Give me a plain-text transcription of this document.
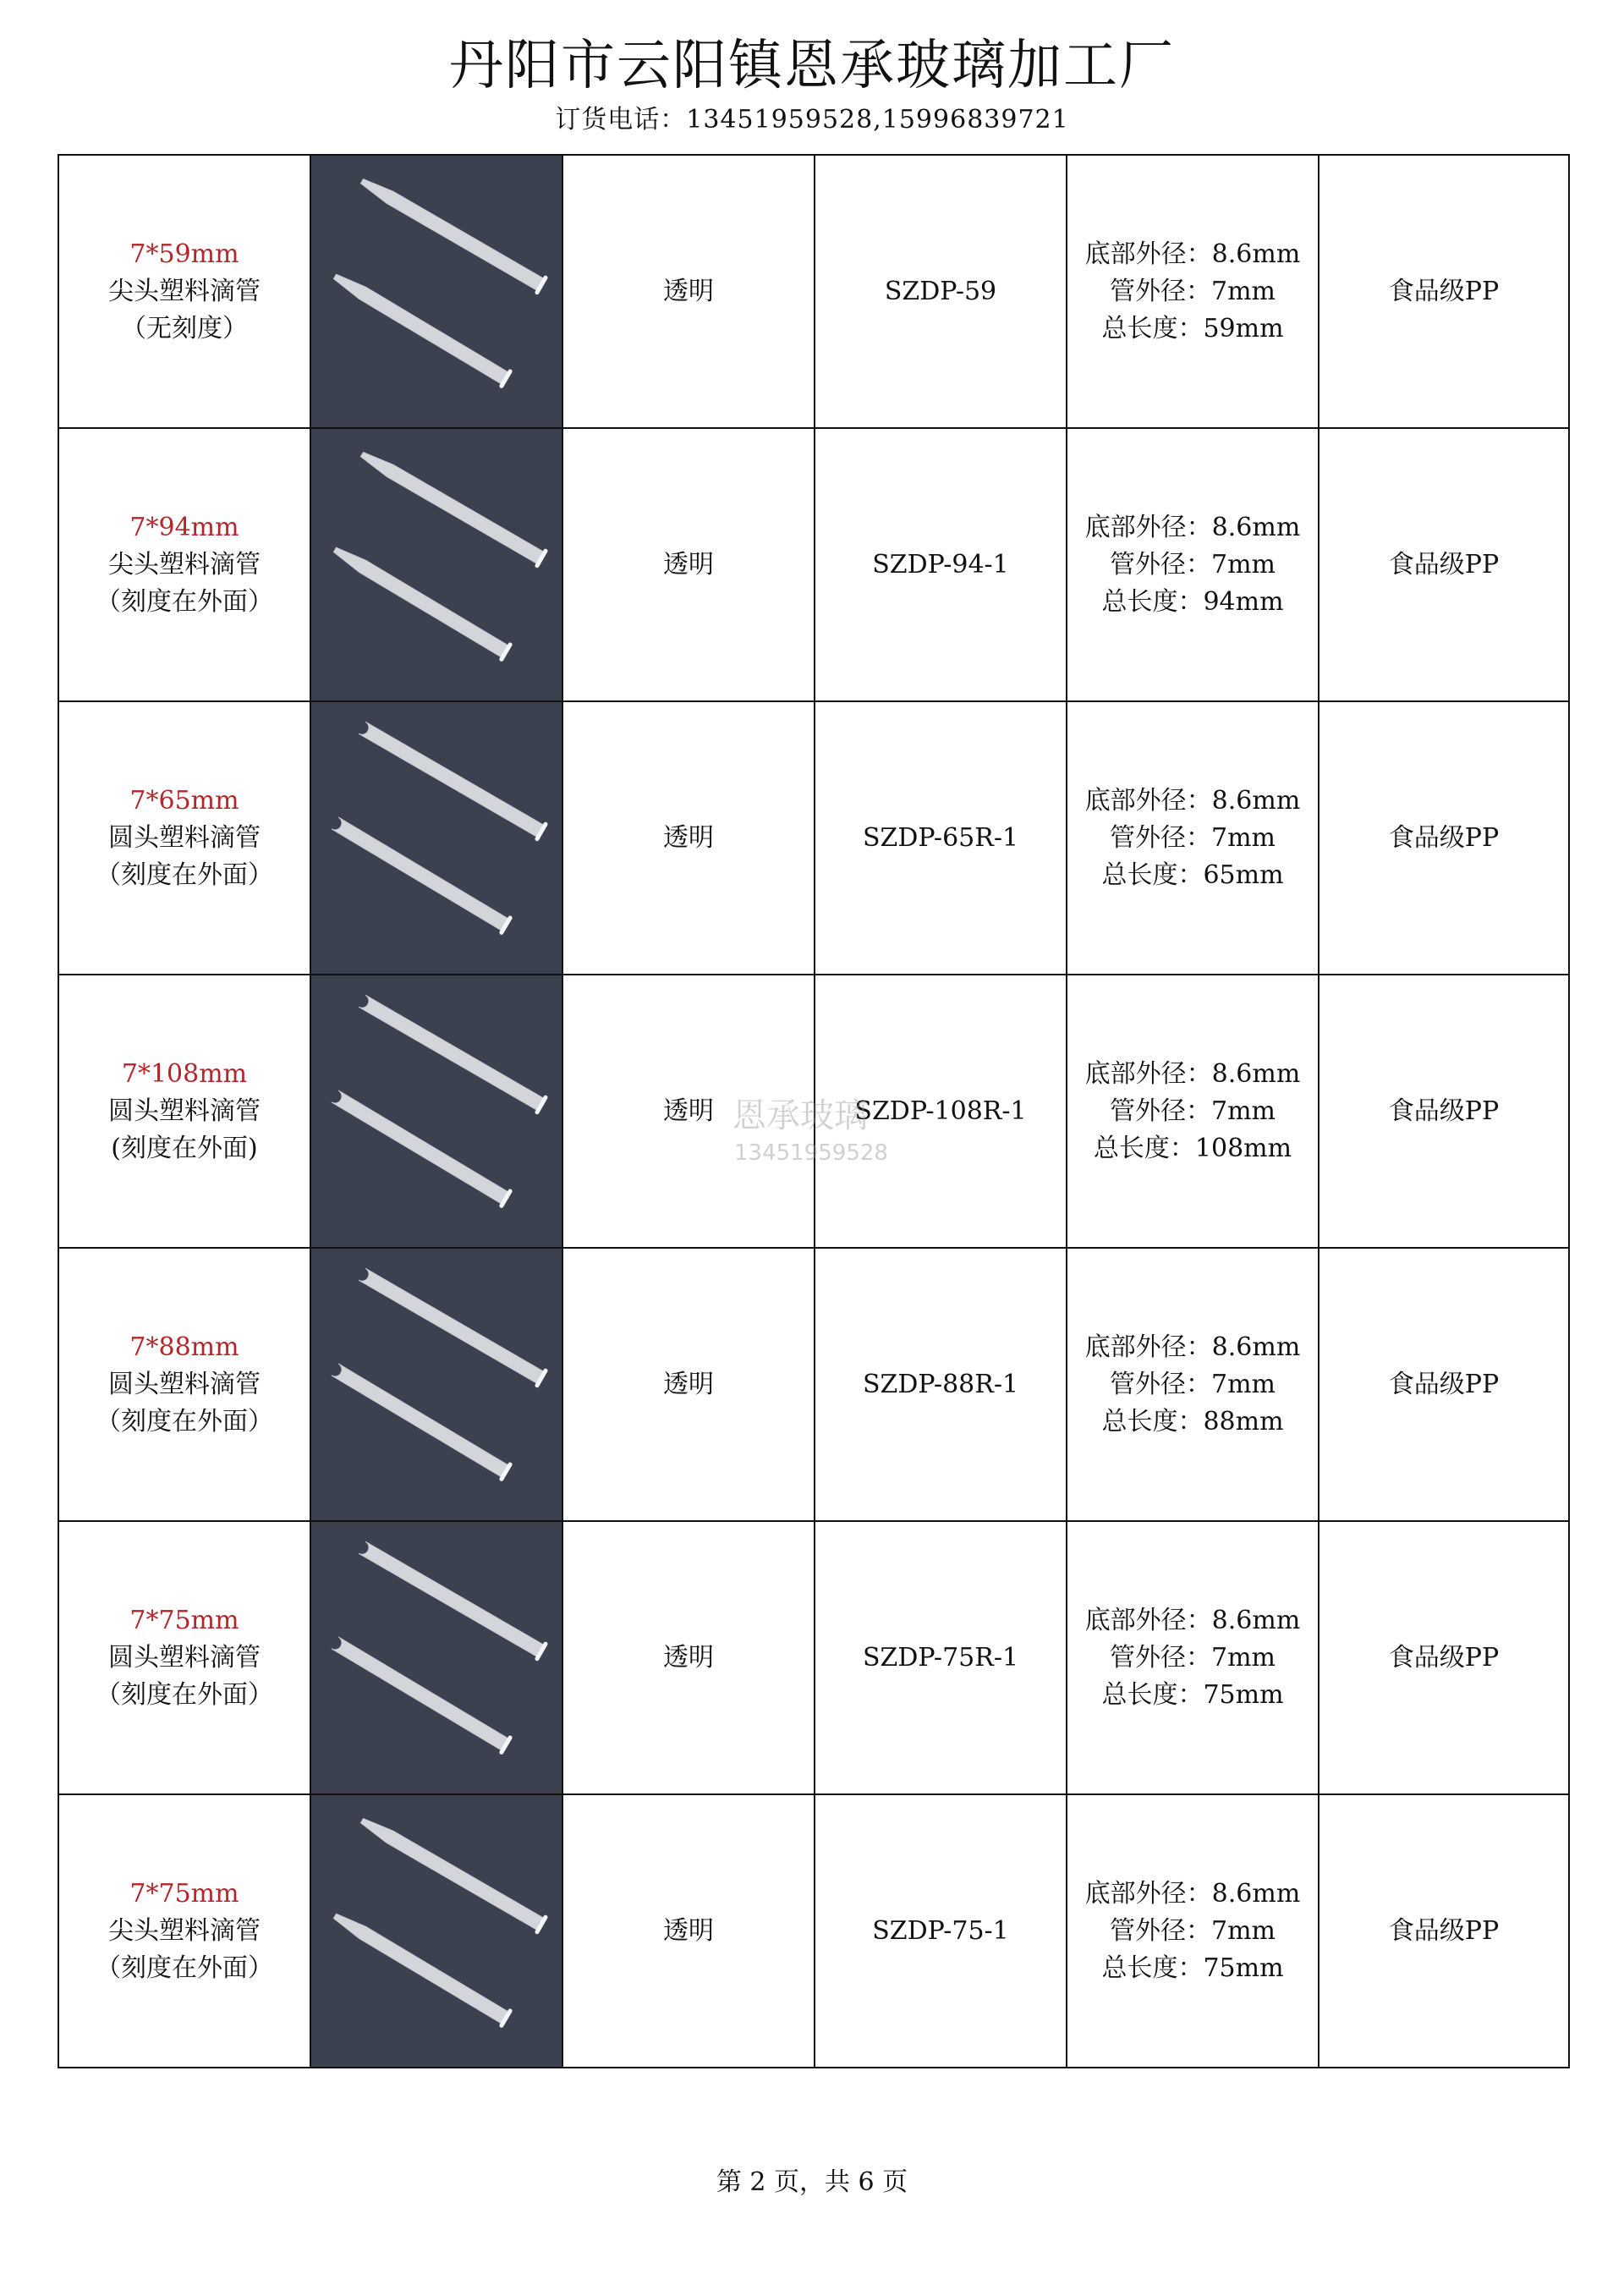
丹阳市云阳镇恩承玻璃加工厂
订货电话：13451959528,15996839721
7*59mm
尖头塑料滴管
（无刻度）		透明	SZDP-59	底部外径：8.6mm
管外径：7mm
总长度：59mm	食品级PP

7*94mm
尖头塑料滴管
（刻度在外面）		透明	SZDP-94-1	底部外径：8.6mm
管外径：7mm
总长度：94mm	食品级PP

7*65mm
圆头塑料滴管
（刻度在外面）		透明	SZDP-65R-1	底部外径：8.6mm
管外径：7mm
总长度：65mm	食品级PP

7*108mm
圆头塑料滴管
(刻度在外面)		透明	SZDP-108R-1	底部外径：8.6mm
管外径：7mm
总长度：108mm	食品级PP

7*88mm
圆头塑料滴管
（刻度在外面）		透明	SZDP-88R-1	底部外径：8.6mm
管外径：7mm
总长度：88mm	食品级PP

7*75mm
圆头塑料滴管
（刻度在外面）		透明	SZDP-75R-1	底部外径：8.6mm
管外径：7mm
总长度：75mm	食品级PP

7*75mm
尖头塑料滴管
（刻度在外面）		透明	SZDP-75-1	底部外径：8.6mm
管外径：7mm
总长度：75mm	食品级PP
恩承玻璃
13451959528
第 2 页，共 6 页
